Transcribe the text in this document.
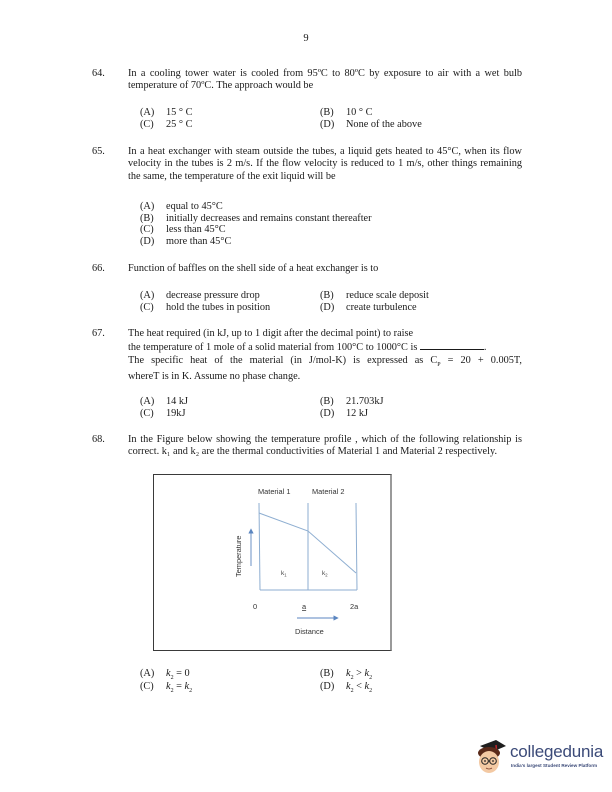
9
64. In a cooling tower water is cooled from 95ºC to 80ºC by exposure to air with a wet bulb temperature of 70ºC. The approach would be
(A) 15 ° C	(B) 10 ° C
(C) 25 ° C	(D) None of the above
65. In a heat exchanger with steam outside the tubes, a liquid gets heated to 45°C, when its flow velocity in the tubes is 2 m/s. If the flow velocity is reduced to 1 m/s, other things remaining the same, the temperature of the exit liquid will be
(A) equal to 45°C
(B) initially decreases and remains constant thereafter
(C) less than 45°C
(D) more than 45°C
66. Function of baffles on the shell side of a heat exchanger is to
(A) decrease pressure drop	(B) reduce scale deposit
(C) hold the tubes in position	(D) create turbulence
67. The heat required (in kJ, up to 1 digit after the decimal point) to raise
the temperature of 1 mole of a solid material from 100°C to 1000°C is	.
The specific heat of the material (in J/mol-K) is expressed as $C_P = 20 + 0.005T$,
whereT is in K. Assume no phase change.
(A) 14 kJ	(B) 21.703kJ
(C) 19kJ	(D) 12 kJ
68. In the Figure below showing the temperature profile , which of the following relationship is correct. k₁ and k₂ are the thermal conductivities of Material 1 and Material 2 respectively.
Material 1	Material 2
Temperature	$k_1$	$k_2$
0	a	2a
Distance
(A) $k_2 = 0$	(B) $k_2 > k_2$
(C) $k_2 = k_2$	(D) $k_2 < k_2$
collegedunia
India's largest Student Review Platform
